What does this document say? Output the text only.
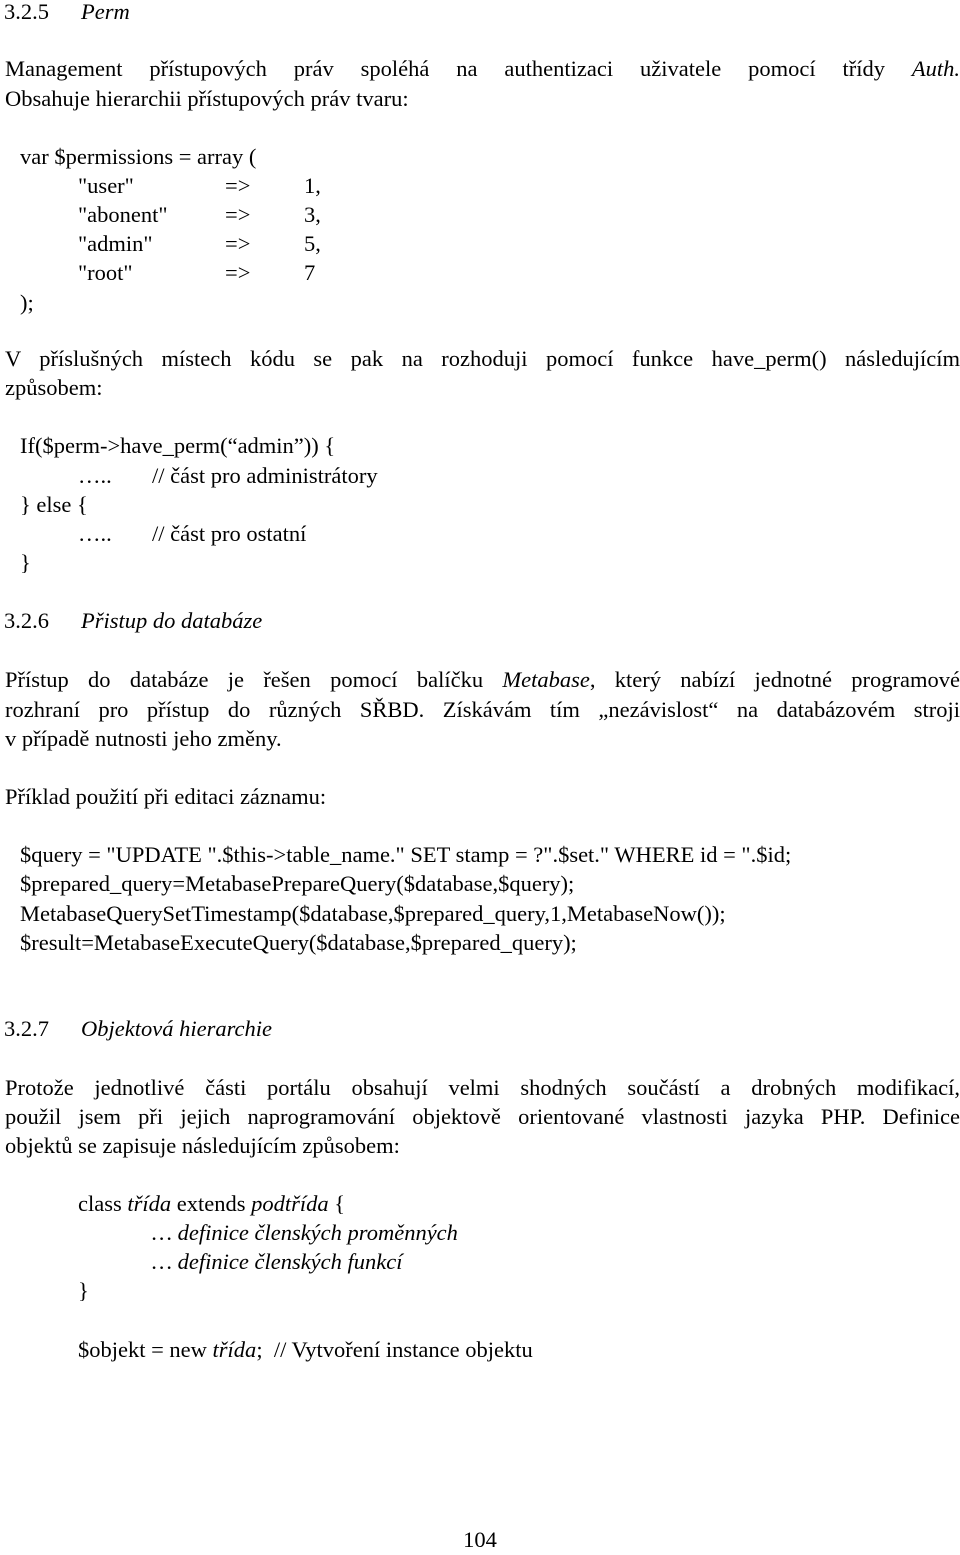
3.2.5 Perm
Management přístupových práv spoléhá na authentizaci uživatele pomocí třídy Auth.
Obsahuje hierarchii přístupových práv tvaru:
var $permissions = array (
"user"	=> 1,
"abonent"	=> 3,
"admin"	=> 5,
"root"	=> 7
);
V příslušných místech kódu se pak na rozhoduji pomocí funkce have_perm() následujícím
způsobem:
If($perm->have_perm(“admin”)) {
….. // část pro administrátory
} else {
….. // část pro ostatní
}
3.2.6 Přistup do databáze
Přístup do databáze je řešen pomocí balíčku Metabase, který nabízí jednotné programové
rozhraní pro přístup do různých SŘBD. Získávám tím „nezávislost“ na databázovém stroji
v případě nutnosti jeho změny.
Příklad použití při editaci záznamu:
$query = "UPDATE ".$this->table_name." SET stamp = ?".$set." WHERE id = ".$id;
$prepared_query=MetabasePrepareQuery($database,$query);
MetabaseQuerySetTimestamp($database,$prepared_query,1,MetabaseNow());
$result=MetabaseExecuteQuery($database,$prepared_query);
3.2.7 Objektová hierarchie
Protože jednotlivé části portálu obsahují velmi shodných součástí a drobných modifikací,
použil jsem při jejich naprogramování objektově orientované vlastnosti jazyka PHP. Definice
objektů se zapisuje následujícím způsobem:
class třída extends podtřída {
… definice členských proměnných
… definice členských funkcí
}
$objekt = new třída;  // Vytvoření instance objektu
104
